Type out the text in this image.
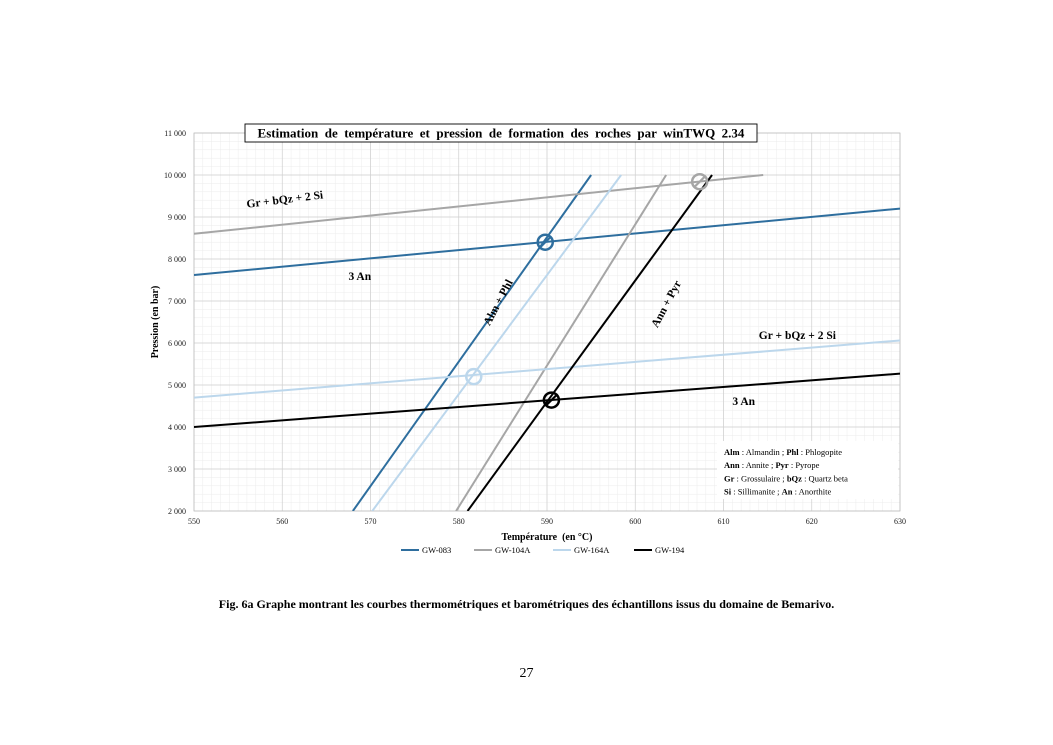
2 000
3 000
4 000
5 000
6 000
7 000
8 000
9 000
10 000
11 000
550	560	570	580	590	600	610	620	630
Gr + bQz + 2 Si
3 An
Alm + Phl	Ann + Pyr
Gr + bQz + 2 Si
3 An
Estimation  de  température  et  pression  de  formation  des  roches  par  winTWQ  2.34
Température  (en °C)
Pression (en bar)
Alm : Almandin ; Phl : Phlogopite
Ann : Annite ; Pyr : Pyrope
Gr : Grossulaire ; bQz : Quartz beta
Si : Sillimanite ; An : Anorthite
GW-083	GW-104A	GW-164A	GW-194
Fig. 6a Graphe montrant les courbes thermométriques et barométriques des échantillons issus du domaine de Bemarivo.
27
